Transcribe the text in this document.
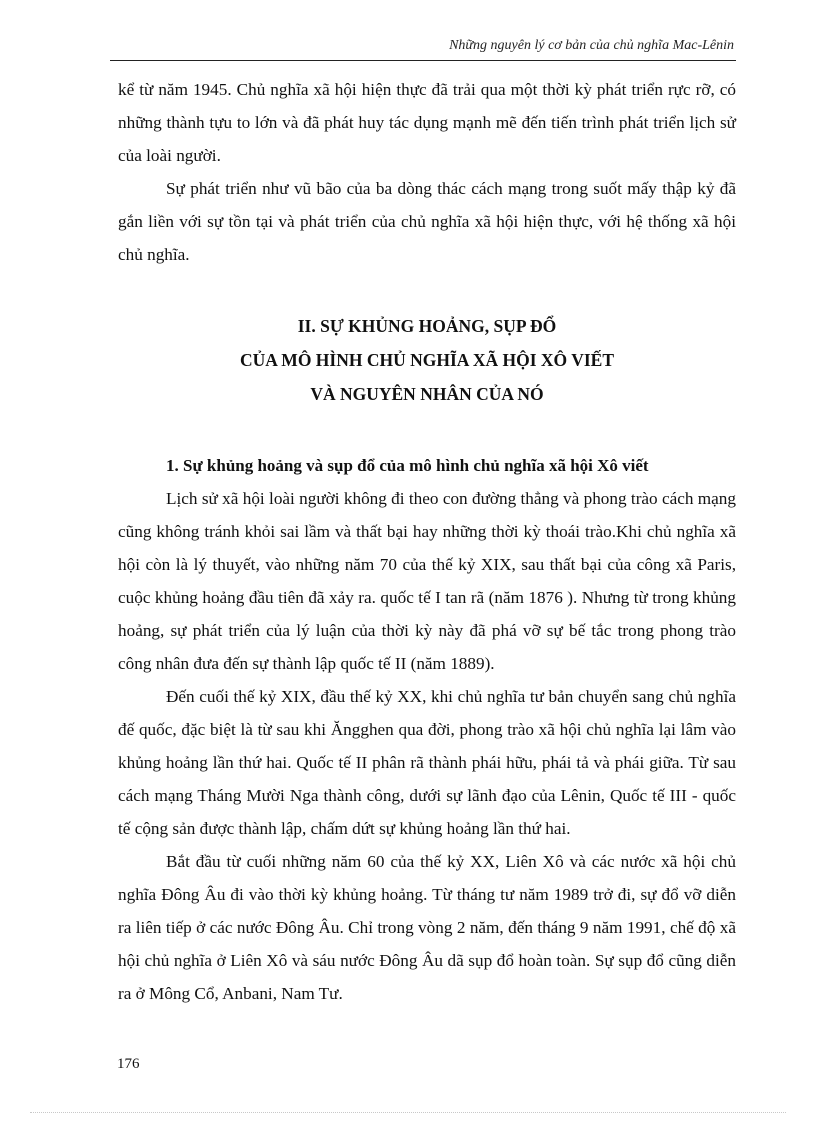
Những nguyên lý cơ bản của chủ nghĩa Mac-Lênin

kể từ năm 1945. Chủ nghĩa xã hội hiện thực đã trải qua một thời kỳ phát triển rực rỡ, có những thành tựu to lớn và đã phát huy tác dụng mạnh mẽ đến tiến trình phát triển lịch sử của loài người.

Sự phát triển như vũ bão của ba dòng thác cách mạng trong suốt mấy thập kỷ đã gắn liền với sự tồn tại và phát triển của chủ nghĩa xã hội hiện thực, với hệ thống xã hội chủ nghĩa.

II. SỰ KHỦNG HOẢNG, SỤP ĐỔ
CỦA MÔ HÌNH CHỦ NGHĨA XÃ HỘI XÔ VIẾT
VÀ NGUYÊN NHÂN CỦA NÓ
1. Sự khủng hoảng và sụp đổ của mô hình chủ nghĩa xã hội Xô viết

Lịch sử xã hội loài người không đi theo con đường thẳng và phong trào cách mạng cũng không tránh khỏi sai lầm và thất bại hay những thời kỳ thoái trào.Khi chủ nghĩa xã hội còn là lý thuyết, vào những năm 70 của thế kỷ XIX, sau thất bại của công xã Paris, cuộc khủng hoảng đầu tiên đã xảy ra. quốc tế I tan rã (năm 1876 ). Nhưng từ trong khủng hoảng, sự phát triển của lý luận của thời kỳ này đã phá vỡ sự bế tắc trong phong trào công nhân đưa đến sự thành lập quốc tế II (năm 1889).

Đến cuối thế kỷ XIX, đầu thế kỷ XX, khi chủ nghĩa tư bản chuyển sang chủ nghĩa đế quốc, đặc biệt là từ sau khi Ăngghen qua đời, phong trào xã hội chủ nghĩa lại lâm vào khủng hoảng lần thứ hai. Quốc tế II phân rã thành phái hữu, phái tả và phái giữa. Từ sau cách mạng Tháng Mười Nga thành công, dưới sự lãnh đạo của Lênin, Quốc tế III - quốc tế cộng sản được thành lập, chấm dứt sự khủng hoảng lần thứ hai.

Bắt đầu từ cuối những năm 60 của thế kỷ XX, Liên Xô và các nước xã hội chủ nghĩa Đông Âu đi vào thời kỳ khủng hoảng. Từ tháng tư năm 1989 trở đi, sự đổ vỡ diễn ra liên tiếp ở các nước Đông Âu. Chỉ trong vòng 2 năm, đến tháng 9 năm 1991, chế độ xã hội chủ nghĩa ở Liên Xô và sáu nước Đông Âu dã sụp đổ hoàn toàn. Sự sụp đổ cũng diễn ra ở Mông Cổ, Anbani, Nam Tư.

176
